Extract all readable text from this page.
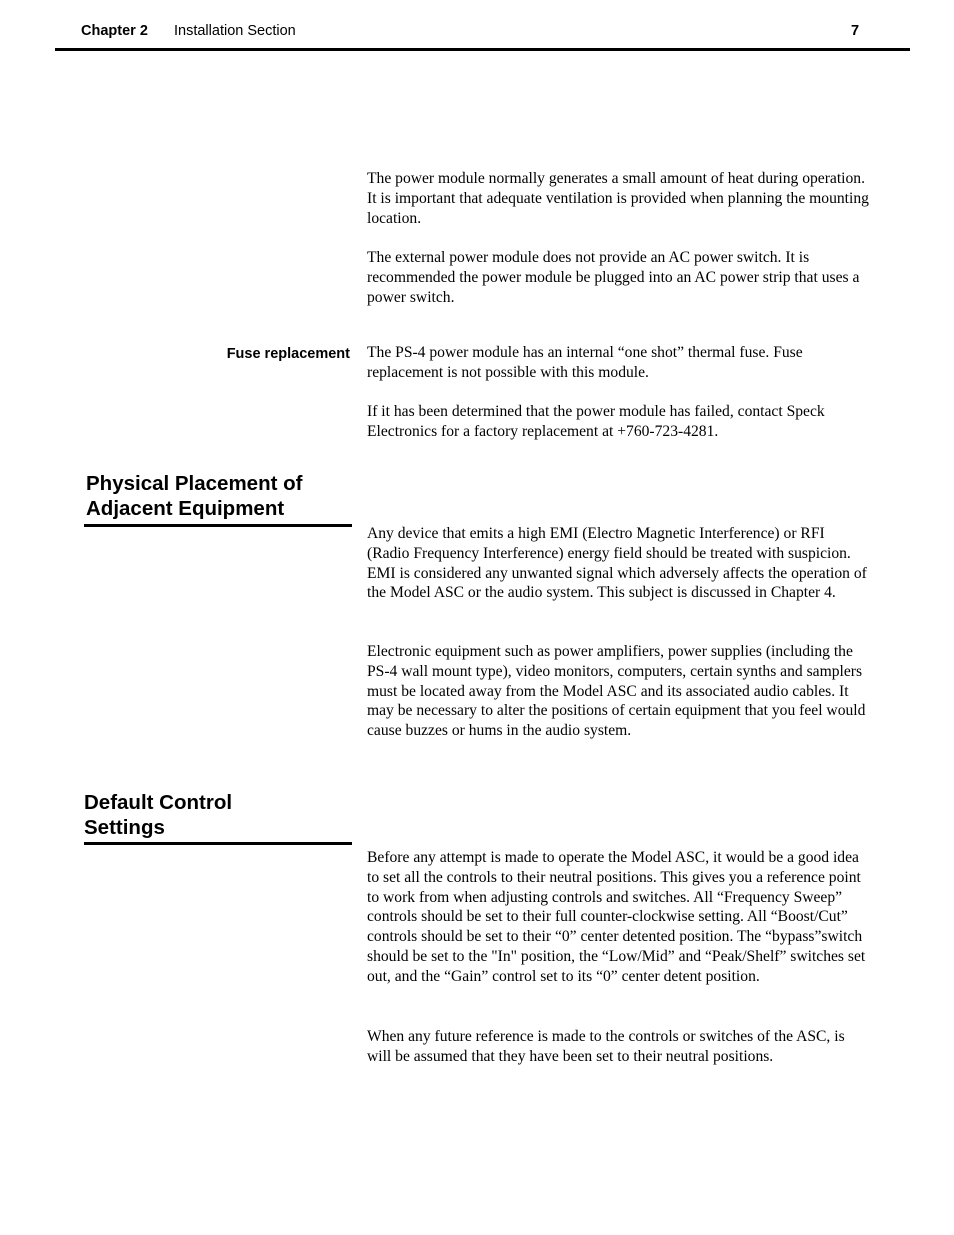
Chapter 2 Installation Section	7

The power module normally generates a small amount of heat during operation. It is important that adequate ventilation is provided when planning the mounting location.

The external power module does not provide an AC power switch. It is recommended the power module be plugged into an AC power strip that uses a power switch.

Fuse replacement The PS-4 power module has an internal “one shot” thermal fuse. Fuse replacement is not possible with this module.

If it has been determined that the power module has failed, contact Speck Electronics for a factory replacement at +760-723-4281.

Physical Placement of
Adjacent Equipment

Any device that emits a high EMI (Electro Magnetic Interference) or RFI (Radio Frequency Interference) energy field should be treated with suspicion. EMI is considered any unwanted signal which adversely affects the operation of the Model ASC or the audio system. This subject is discussed in Chapter 4.

Electronic equipment such as power amplifiers, power supplies (including the PS-4 wall mount type), video monitors, computers, certain synths and samplers must be located away from the Model ASC and its associated audio cables. It may be necessary to alter the positions of certain equipment that you feel would cause buzzes or hums in the audio system.

Default Control
Settings

Before any attempt is made to operate the Model ASC, it would be a good idea to set all the controls to their neutral positions. This gives you a reference point to work from when adjusting controls and switches. All “Frequency Sweep” controls should be set to their full counter-clockwise setting. All “Boost/Cut” controls should be set to their “0” center detented position. The “bypass”switch should be set to the "In" position, the “Low/Mid” and “Peak/Shelf” switches set out, and the “Gain” control set to its “0” center detent position.

When any future reference is made to the controls or switches of the ASC, is will be assumed that they have been set to their neutral positions.
